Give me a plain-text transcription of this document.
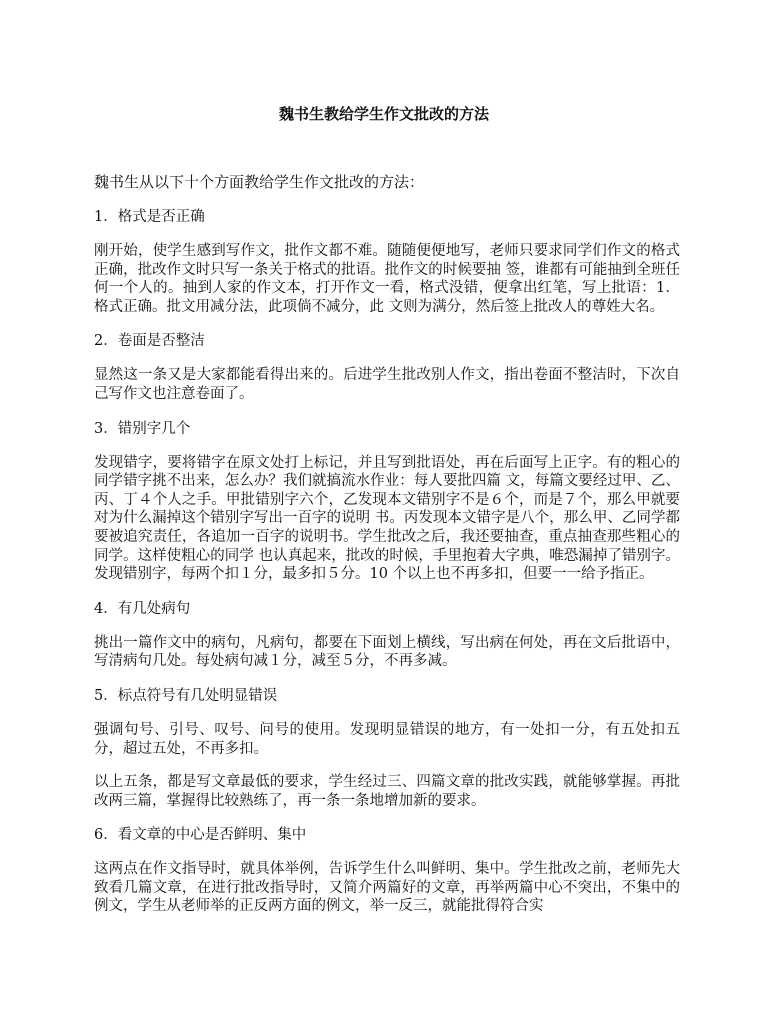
魏书生教给学生作文批改的方法

魏书生从以下十个方面教给学生作文批改的方法：

1．格式是否正确

刚开始，使学生感到写作文，批作文都不难。随随便便地写，老师只要求同学们作文的格式正确，批改作文时只写一条关于格式的批语。批作文的时候要抽 签，谁都有可能抽到全班任何一个人的。抽到人家的作文本，打开作文一看，格式没错，便拿出红笔，写上批语：1．格式正确。批文用减分法，此项倘不减分，此 文则为满分，然后签上批改人的尊姓大名。

2．卷面是否整洁

显然这一条又是大家都能看得出来的。后进学生批改别人作文，指出卷面不整洁时，下次自己写作文也注意卷面了。

3．错别字几个

发现错字，要将错字在原文处打上标记，并且写到批语处，再在后面写上正字。有的粗心的同学错字挑不出来，怎么办？我们就搞流水作业：每人要批四篇 文，每篇文要经过甲、乙、丙、丁４个人之手。甲批错别字六个，乙发现本文错别字不是６个，而是７个，那么甲就要对为什么漏掉这个错别字写出一百字的说明 书。丙发现本文错字是八个，那么甲、乙同学都要被追究责任，各追加一百字的说明书。学生批改之后，我还要抽查，重点抽查那些粗心的同学。这样使粗心的同学 也认真起来，批改的时候，手里抱着大字典，唯恐漏掉了错别字。发现错别字，每两个扣１分，最多扣５分。10 个以上也不再多扣，但要一一给予指正。

4．有几处病句

挑出一篇作文中的病句，凡病句，都要在下面划上横线，写出病在何处，再在文后批语中，写清病句几处。每处病句减１分，减至５分，不再多减。

5．标点符号有几处明显错误

强调句号、引号、叹号、问号的使用。发现明显错误的地方，有一处扣一分，有五处扣五分，超过五处，不再多扣。

以上五条，都是写文章最低的要求，学生经过三、四篇文章的批改实践，就能够掌握。再批改两三篇，掌握得比较熟练了，再一条一条地增加新的要求。

6．看文章的中心是否鲜明、集中

这两点在作文指导时，就具体举例，告诉学生什么叫鲜明、集中。学生批改之前，老师先大致看几篇文章，在进行批改指导时，又简介两篇好的文章，再举两篇中心不突出，不集中的例文，学生从老师举的正反两方面的例文，举一反三，就能批得符合实
